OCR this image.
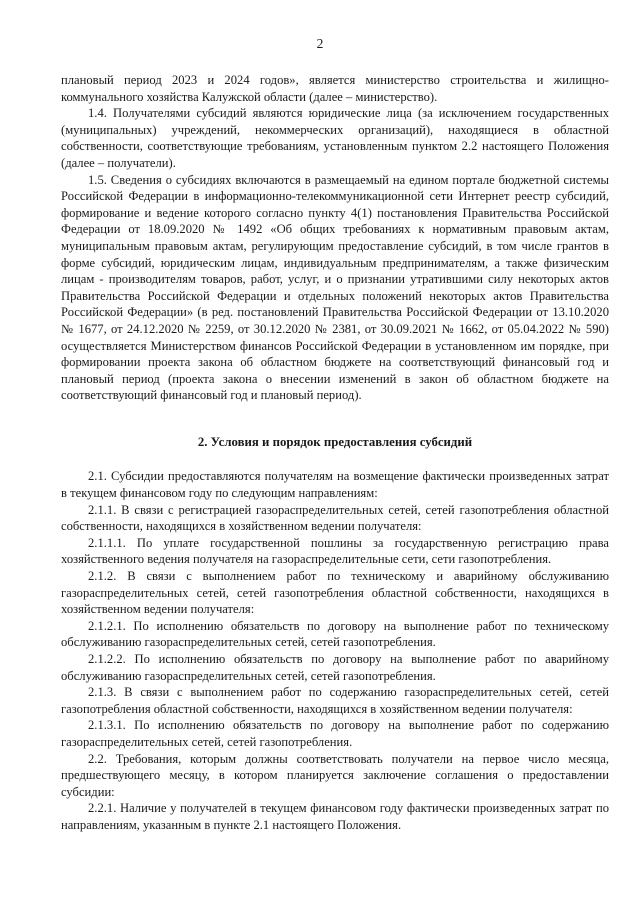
2

плановый период 2023 и 2024 годов», является министерство строительства и жилищно-коммунального хозяйства Калужской области (далее – министерство).

1.4. Получателями субсидий являются юридические лица (за исключением государственных (муниципальных) учреждений, некоммерческих организаций), находящиеся в областной собственности, соответствующие требованиям, установленным пунктом 2.2 настоящего Положения (далее – получатели).

1.5. Сведения о субсидиях включаются в размещаемый на едином портале бюджетной системы Российской Федерации в информационно-телекоммуникационной сети Интернет реестр субсидий, формирование и ведение которого согласно пункту 4(1) постановления Правительства Российской Федерации от 18.09.2020 № 1492 «Об общих требованиях к нормативным правовым актам, муниципальным правовым актам, регулирующим предоставление субсидий, в том числе грантов в форме субсидий, юридическим лицам, индивидуальным предпринимателям, а также физическим лицам - производителям товаров, работ, услуг, и о признании утратившими силу некоторых актов Правительства Российской Федерации и отдельных положений некоторых актов Правительства Российской Федерации» (в ред. постановлений Правительства Российской Федерации от 13.10.2020 № 1677, от 24.12.2020 № 2259, от 30.12.2020 № 2381, от 30.09.2021 № 1662, от 05.04.2022 № 590) осуществляется Министерством финансов Российской Федерации в установленном им порядке, при формировании проекта закона об областном бюджете на соответствующий финансовый год и плановый период (проекта закона о внесении изменений в закон об областном бюджете на соответствующий финансовый год и плановый период).

2. Условия и порядок предоставления субсидий

2.1. Субсидии предоставляются получателям на возмещение фактически произведенных затрат в текущем финансовом году по следующим направлениям:

2.1.1. В связи с регистрацией газораспределительных сетей, сетей газопотребления областной собственности, находящихся в хозяйственном ведении получателя:

2.1.1.1. По уплате государственной пошлины за государственную регистрацию права хозяйственного ведения получателя на газораспределительные сети, сети газопотребления.

2.1.2. В связи с выполнением работ по техническому и аварийному обслуживанию газораспределительных сетей, сетей газопотребления областной собственности, находящихся в хозяйственном ведении получателя:

2.1.2.1. По исполнению обязательств по договору на выполнение работ по техническому обслуживанию газораспределительных сетей, сетей газопотребления.

2.1.2.2. По исполнению обязательств по договору на выполнение работ по аварийному обслуживанию газораспределительных сетей, сетей газопотребления.

2.1.3. В связи с выполнением работ по содержанию газораспределительных сетей, сетей газопотребления областной собственности, находящихся в хозяйственном ведении получателя:

2.1.3.1. По исполнению обязательств по договору на выполнение работ по содержанию газораспределительных сетей, сетей газопотребления.

2.2. Требования, которым должны соответствовать получатели на первое число месяца, предшествующего месяцу, в котором планируется заключение соглашения о предоставлении субсидии:

2.2.1. Наличие у получателей в текущем финансовом году фактически произведенных затрат по направлениям, указанным в пункте 2.1 настоящего Положения.
